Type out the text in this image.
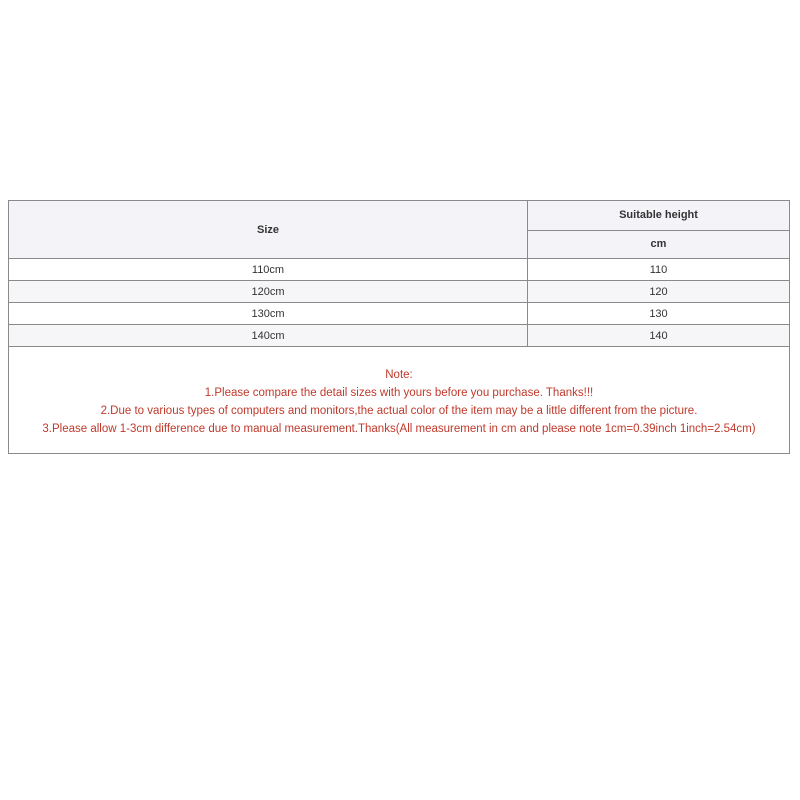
Size	Suitable height
	cm
110cm	110
120cm	120
130cm	130
140cm	140

Note:
1.Please compare the detail sizes with yours before you purchase. Thanks!!!
2.Due to various types of computers and monitors,the actual color of the item may be a little different from the picture.
3.Please allow 1-3cm difference due to manual measurement.Thanks(All measurement in cm and please note 1cm=0.39inch 1inch=2.54cm)	
